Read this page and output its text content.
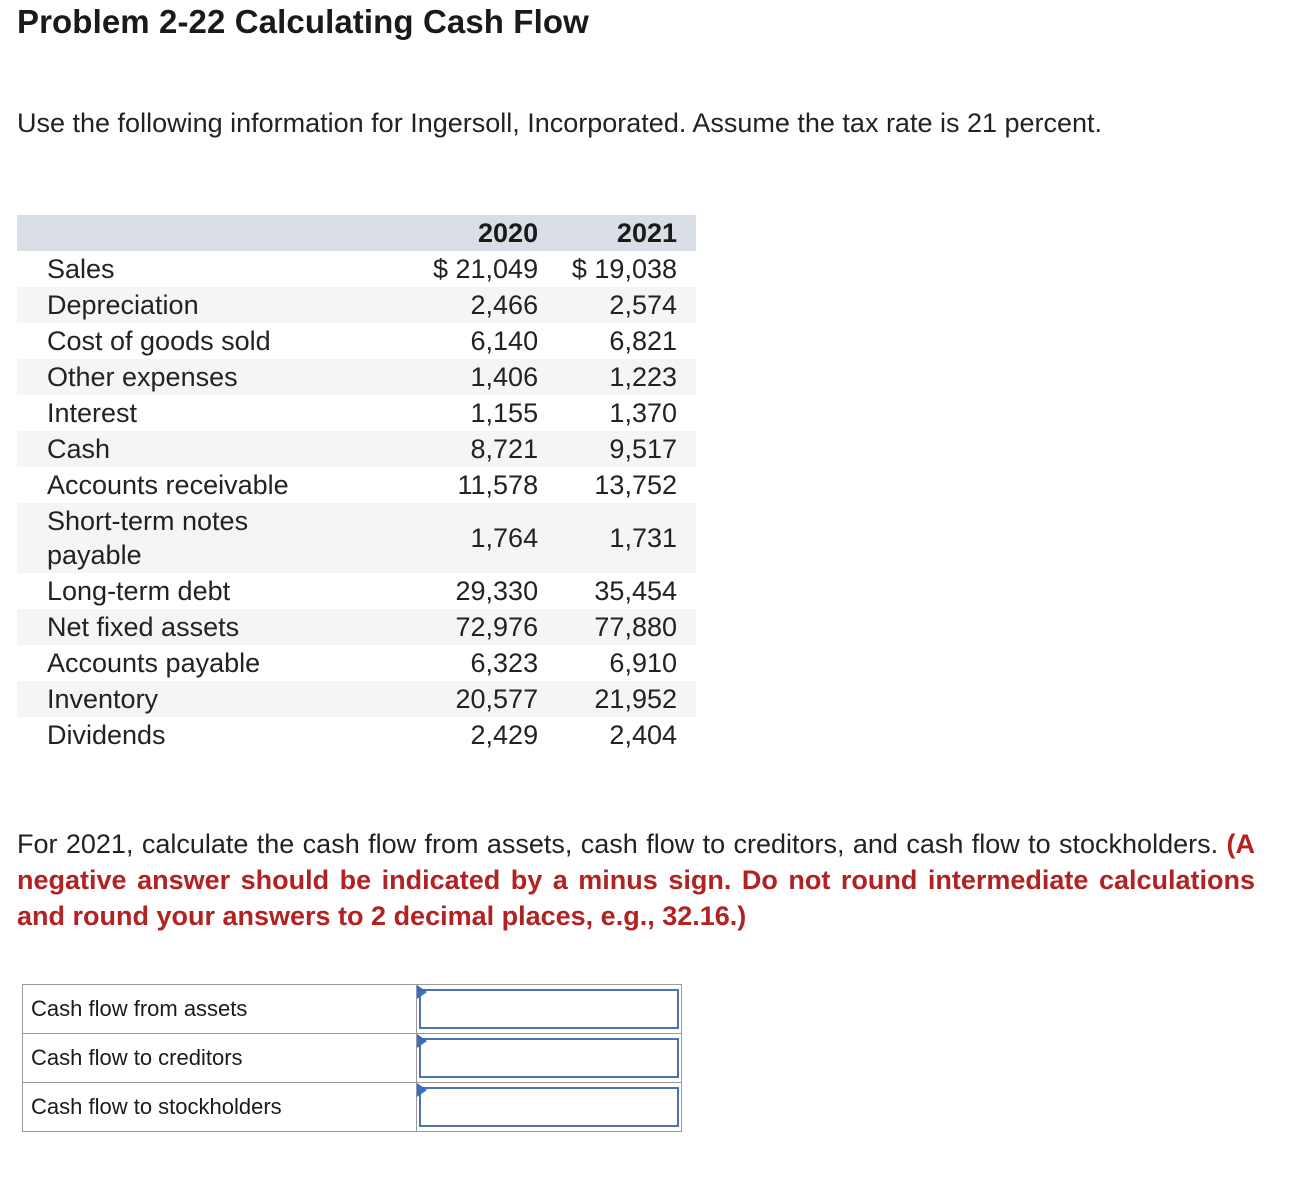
Problem 2-22 Calculating Cash Flow
Use the following information for Ingersoll, Incorporated. Assume the tax rate is 21 percent.
	2020	2021
Sales	$ 21,049	$ 19,038
Depreciation	2,466	2,574
Cost of goods sold	6,140	6,821
Other expenses	1,406	1,223
Interest	1,155	1,370
Cash	8,721	9,517
Accounts receivable	11,578	13,752
Short-term notes payable	1,764	1,731
Long-term debt	29,330	35,454
Net fixed assets	72,976	77,880
Accounts payable	6,323	6,910
Inventory	20,577	21,952
Dividends	2,429	2,404
For 2021, calculate the cash flow from assets, cash flow to creditors, and cash flow to stockholders. (A negative answer should be indicated by a minus sign. Do not round intermediate calculations and round your answers to 2 decimal places, e.g., 32.16.)
Cash flow from assets	

Cash flow to creditors	

Cash flow to stockholders	
